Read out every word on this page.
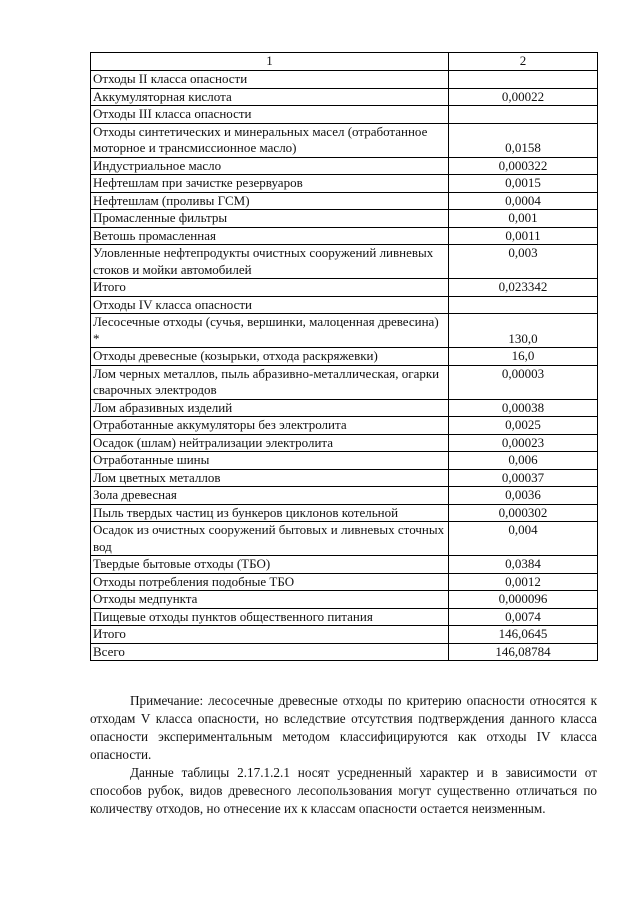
1	2
Отходы II класса опасности	
Аккумуляторная кислота	0,00022
Отходы III класса опасности	
Отходы синтетических и минеральных масел (отработанное моторное и трансмиссионное масло)	0,0158
Индустриальное масло	0,000322
Нефтешлам при зачистке резервуаров	0,0015
Нефтешлам (проливы ГСМ)	0,0004
Промасленные фильтры	0,001
Ветошь промасленная	0,0011
Уловленные нефтепродукты очистных сооружений ливневых стоков и мойки автомобилей	0,003
Итого	0,023342
Отходы IV класса опасности	
Лесосечные отходы (сучья, вершинки, малоценная древесина) *	130,0
Отходы древесные (козырьки, отхода раскряжевки)	16,0
Лом черных металлов, пыль абразивно-металлическая, огарки сварочных электродов	0,00003
Лом абразивных изделий	0,00038
Отработанные аккумуляторы без электролита	0,0025
Осадок (шлам) нейтрализации электролита	0,00023
Отработанные шины	0,006
Лом цветных металлов	0,00037
Зола древесная	0,0036
Пыль твердых частиц из бункеров циклонов котельной	0,000302
Осадок из очистных сооружений бытовых и ливневых сточных вод	0,004
Твердые бытовые отходы (ТБО)	0,0384
Отходы потребления подобные ТБО	0,0012
Отходы медпункта	0,000096
Пищевые отходы пунктов общественного питания	0,0074
Итого	146,0645
Всего	146,08784

Примечание: лесосечные древесные отходы по критерию опасности относятся к отходам V класса опасности, но вследствие отсутствия подтверждения данного класса опасности экспериментальным методом классифицируются как отходы IV класса опасности.

Данные таблицы 2.17.1.2.1 носят усредненный характер и в зависимости от способов рубок, видов древесного лесопользования могут существенно отличаться по количеству отходов, но отнесение их к классам опасности остается неизменным.
